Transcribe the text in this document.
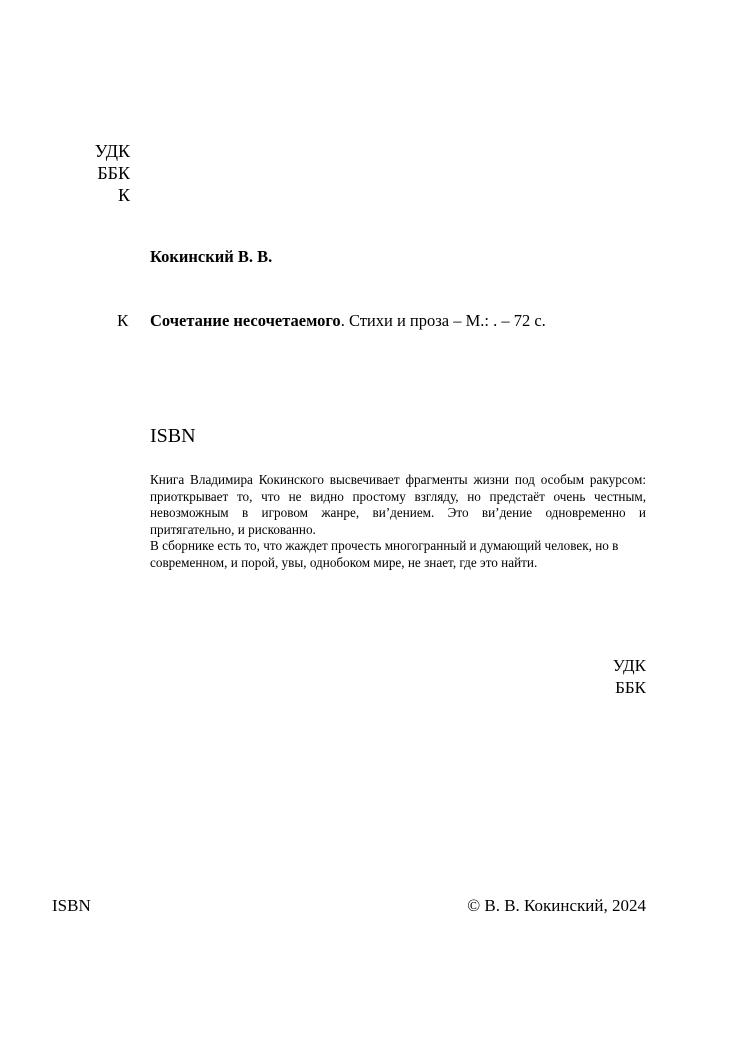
УДК
ББК
К
Кокинский В. В.
К Сочетание несочетаемого. Стихи и проза – М.: . – 72 с.
ISBN

Книга Владимира Кокинского высвечивает фрагменты жизни под особым ракурсом: приоткрывает то, что не видно простому взгляду, но предстаёт очень честным, невозможным в игровом жанре, ви’дением. Это ви’дение одновременно и притягательно, и рискованно.

В сборнике есть то, что жаждет прочесть многогранный и думающий человек, но в современном, и порой, увы, однобоком мире, не знает, где это найти.

УДК
ББК
ISBN	© В. В. Кокинский, 2024
